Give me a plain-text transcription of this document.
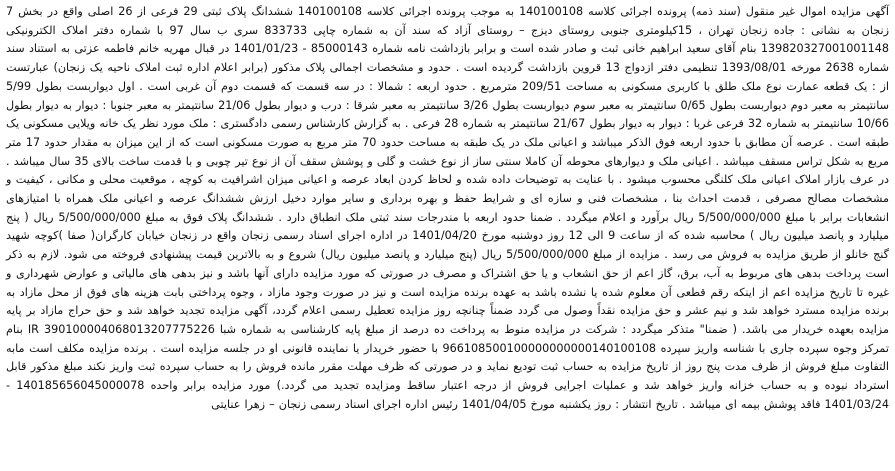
آگهی مزایده اموال غیر منقول (سند ذمه) پرونده اجرائی کلاسه 140100108 به موجب پرونده اجرائی کلاسه 140100108 ششدانگ پلاک ثبتی 29 فرعی از 26 اصلی واقع در بخش 7 زنجان به نشانی : جاده زنجان تهران ، 15کیلومتری جنوبی روستای دیزج – روستای آزاد که سند آن به شماره چاپی 833733 سری ب سال 97 با شماره دفتر املاک الکترونیکی 139820327001001148 بنام آقای سعید ابراهیم خانی ثبت و صادر شده است و برابر بازداشت نامه شماره 85000143 - 1401/01/23 در قبال مهریه خانم فاطمه عزتی به استناد سند شماره 2638 مورخه 1393/08/01 تنظیمی دفتر ازدواج 13 قروین بازداشت گردیده است . حدود و مشخصات اجمالی پلاک مذکور (برابر اعلام اداره ثبت املاک ناحیه یک زنجان) عبارتست از : یک قطعه عمارت نوع ملک طلق با کاربری مسکونی به مساحت 209/51 مترمربع . حدود اربعه : شمالا : در سه قسمت که قسمت دوم آن غربی است . اول دیواربست بطول 5/99 سانتیمتر به معبر دوم دیواربست بطول 0/65 سانتیمتر به معبر سوم دیواربست بطول 3/26 سانتیمتر به معبر شرقا : درب و دیوار بطول 21/06 سانتیمتر به معبر جنوبا : دیوار به دیوار بطول 10/66 سانتیمتر به شماره 32 فرعی غربا : دیوار به دیوار بطول 21/67 سانتیمتر به شماره 28 فرعی . به گزارش کارشناس رسمی دادگستری : ملک مورد نظر یک خانه ویلایی مسکونی یک طبقه است . عرصه آن مطابق با حدود اربعه فوق الذکر میباشد و اعیانی ملک در یک طبقه به مساحت حدود 70 متر مربع به صورت مسکونی است که از این میزان به مقدار حدود 17 متر مربع به شکل تراس مسقف میباشد . اعیانی ملک و دیوارهای محوطه آن کاملا سنتی ساز از نوع خشت و گلی و پوشش سقف آن از نوع تیر چوبی و با قدمت ساخت بالای 35 سال میباشد . در عرف بازار املاک اعیانی ملک کلنگی محسوب میشود . با عنایت به توضیحات داده شده و لحاظ کردن ابعاد عرصه و اعیانی میزان اشرافیت به کوچه ، موقعیت محلی و مکانی ، کیفیت و مشخصات مصالح مصرفی ، قدمت احداث بنا ، مشخصات فنی و سازه ای و شرایط حفظ و بهره برداری و سایر موارد دخیل ارزش ششدانگ عرصه و اعیانی ملک همراه با امتیازهای انشعابات برابر با مبلغ 5/500/000/000 ریال برآورد و اعلام میگردد . ضمنا حدود اربعه با مندرجات سند ثبتی ملک انطباق دارد . ششدانگ پلاک فوق به مبلغ 5/500/000/000 ریال ( پنج میلیارد و پانصد میلیون ریال ) محاسبه شده که از ساعت 9 الی 12 روز دوشنبه مورخ 1401/04/20 در اداره اجرای اسناد رسمی زنجان واقع در زنجان خیابان کارگران( صفا )کوچه شهید گنج خانلو از طریق مزایده به فروش می رسد . مزایده از مبلغ 5/500/000/000 ریال (پنج میلیارد و پانصد میلیون ریال) شروع و به بالاترین قیمت پیشنهادی فروخته می شود. لازم به ذکر است پرداخت بدهی های مربوط به آب، برق، گاز اعم از حق انشعاب و یا حق اشتراک و مصرف در صورتی که مورد مزایده دارای آنها باشد و نیز بدهی های مالیاتی و عوارض شهرداری و غیره تا تاریخ مزایده اعم از اینکه رقم قطعی آن معلوم شده یا نشده باشد به عهده برنده مزایده است و نیز در صورت وجود مازاد ، وجوه پرداختی بابت هزینه های فوق از محل مازاد به برنده مزایده مسترد خواهد شد و نیم عشر و حق مزایده نقداً وصول می گردد ضمناً چنانچه روز مزایده تعطیل رسمی اعلام گردد، آگهی مزایده تجدید خواهد شد و حق حراج مازاد بر پایه مزایده بعهده خریدار می باشد. ( ضمنا" متذکر میگردد : شرکت در مزایده منوط به پرداخت ده درصد از مبلغ پایه کارشناسی به شماره شبا IR 390100004068013207775226 بنام تمرکز وجوه سپرده جاری با شناسه واریز سپرده 966108500100000000000140100108 با حضور خریدار یا نماینده قانونی او در جلسه مزایده است . برنده مزایده مکلف است مابه التفاوت مبلغ فروش از ظرف مدت پنج روز از تاریخ مزایده به حساب ثبت تودیع نماید و در صورتی که ظرف مهلت مقرر مانده فروش را به حساب سپرده ثبت واریز نکند مبلغ مذکور قابل استرداد نبوده و به حساب خزانه واریز خواهد شد و عملیات اجرایی فروش از درجه اعتبار ساقط ومزایده تجدید می گردد.) مورد مزایده برابر واحده 140185656045000078 - 1401/03/24 فاقد پوشش بیمه ای میباشد . تاریخ انتشار : روز یکشنبه مورخ 1401/04/05 رئیس اداره اجرای اسناد رسمی زنجان – زهرا عنایتی
